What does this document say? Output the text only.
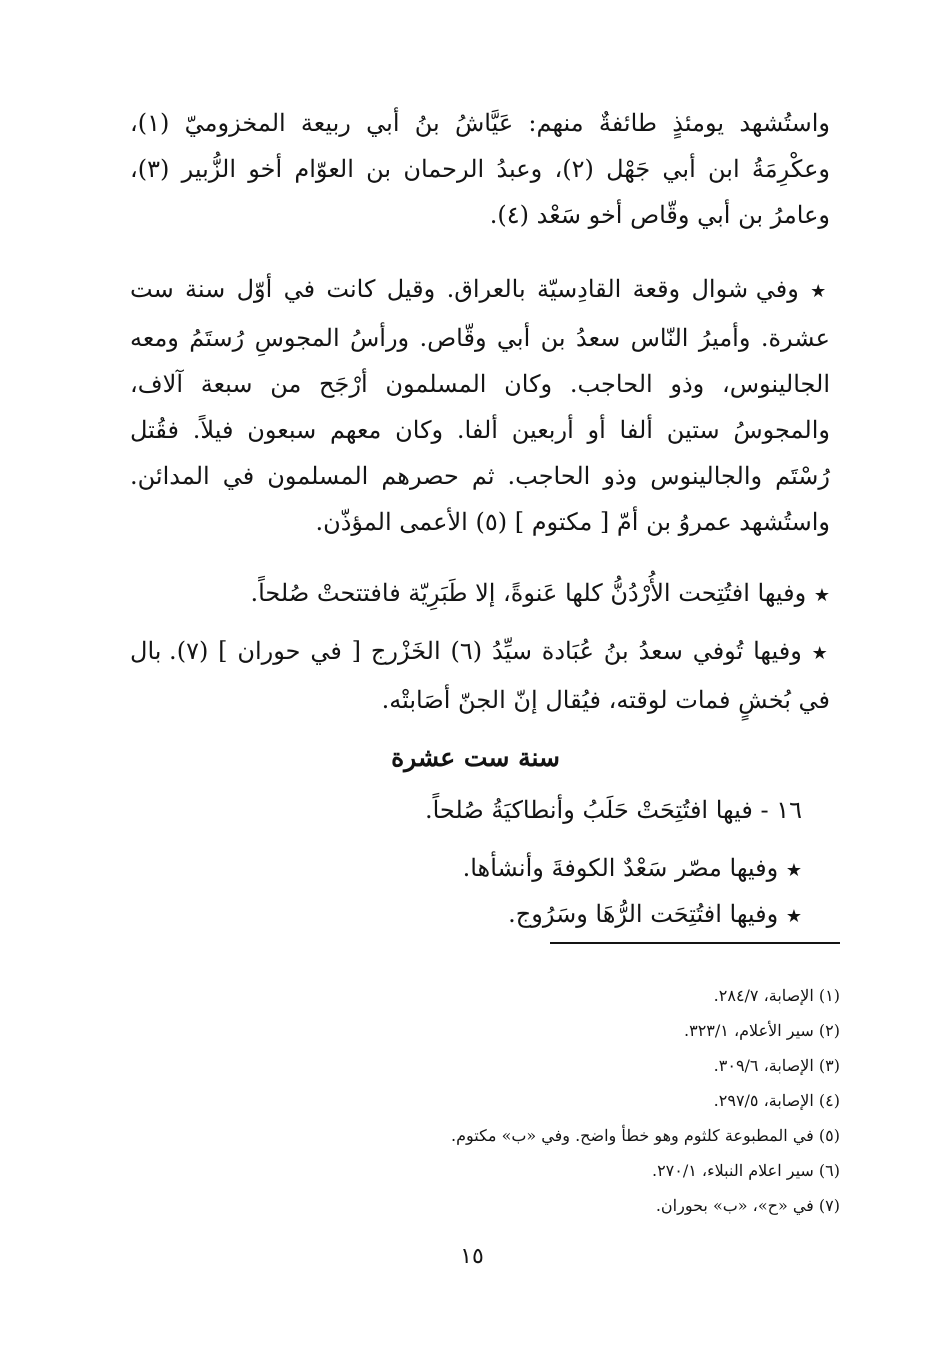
واستُشهد يومئذٍ طائفةٌ منهم: عَيَّاشُ بنُ أبي ربيعة المخزوميّ (١)، وعكْرِمَةُ ابن أبي جَهْل (٢)، وعبدُ الرحمان بن العوّام أخو الزُّبير (٣)، وعامرُ بن أبي وقّاص أخو سَعْد (٤).
★ وفي شوال وقعة القادِسيّة بالعراق. وقيل كانت في أوّل سنة ست عشرة. وأميرُ النّاس سعدُ بن أبي وقّاص. ورأسُ المجوسِ رُستَمُ ومعه الجالينوس، وذو الحاجب. وكان المسلمون أرْجَح من سبعة آلاف، والمجوسُ ستين ألفا أو أربعين ألفا. وكان معهم سبعون فيلاً. فقُتل رُسْتَم والجالينوس وذو الحاجب. ثم حصرهم المسلمون في المدائن. واستُشهد عمروُ بن أمّ [ مكتوم ] (٥) الأعمى المؤذّن.
★ وفيها افتُتِحت الأُرْدُنُّ كلها عَنوةً، إلا طَبَرِيّة فافتتحتْ صُلحاً.
★ وفيها تُوفي سعدُ بنُ عُبَادة سيِّدُ (٦) الخَزْرج [ في حوران ] (٧). بال في بُخشٍ فمات لوقته، فيُقال إنّ الجنّ أصَابتْه.
سنة ست عشرة
١٦ - فيها افتُتِحَتْ حَلَبُ وأنطاكيَةُ صُلحاً.
★ وفيها مصّر سَعْدٌ الكوفةَ وأنشأها.
★ وفيها افتُتِحَت الرُّهَا وسَرُوج.
(١) الإصابة، ٢٨٤/٧.
(٢) سير الأعلام، ٣٢٣/١.
(٣) الإصابة، ٣٠٩/٦.
(٤) الإصابة، ٢٩٧/٥.
(٥) في المطبوعة كلثوم وهو خطأ واضح. وفي «ب» مكتوم.
(٦) سير اعلام النبلاء، ٢٧٠/١.
(٧) في «ح»، «ب» بحوران.
١٥
